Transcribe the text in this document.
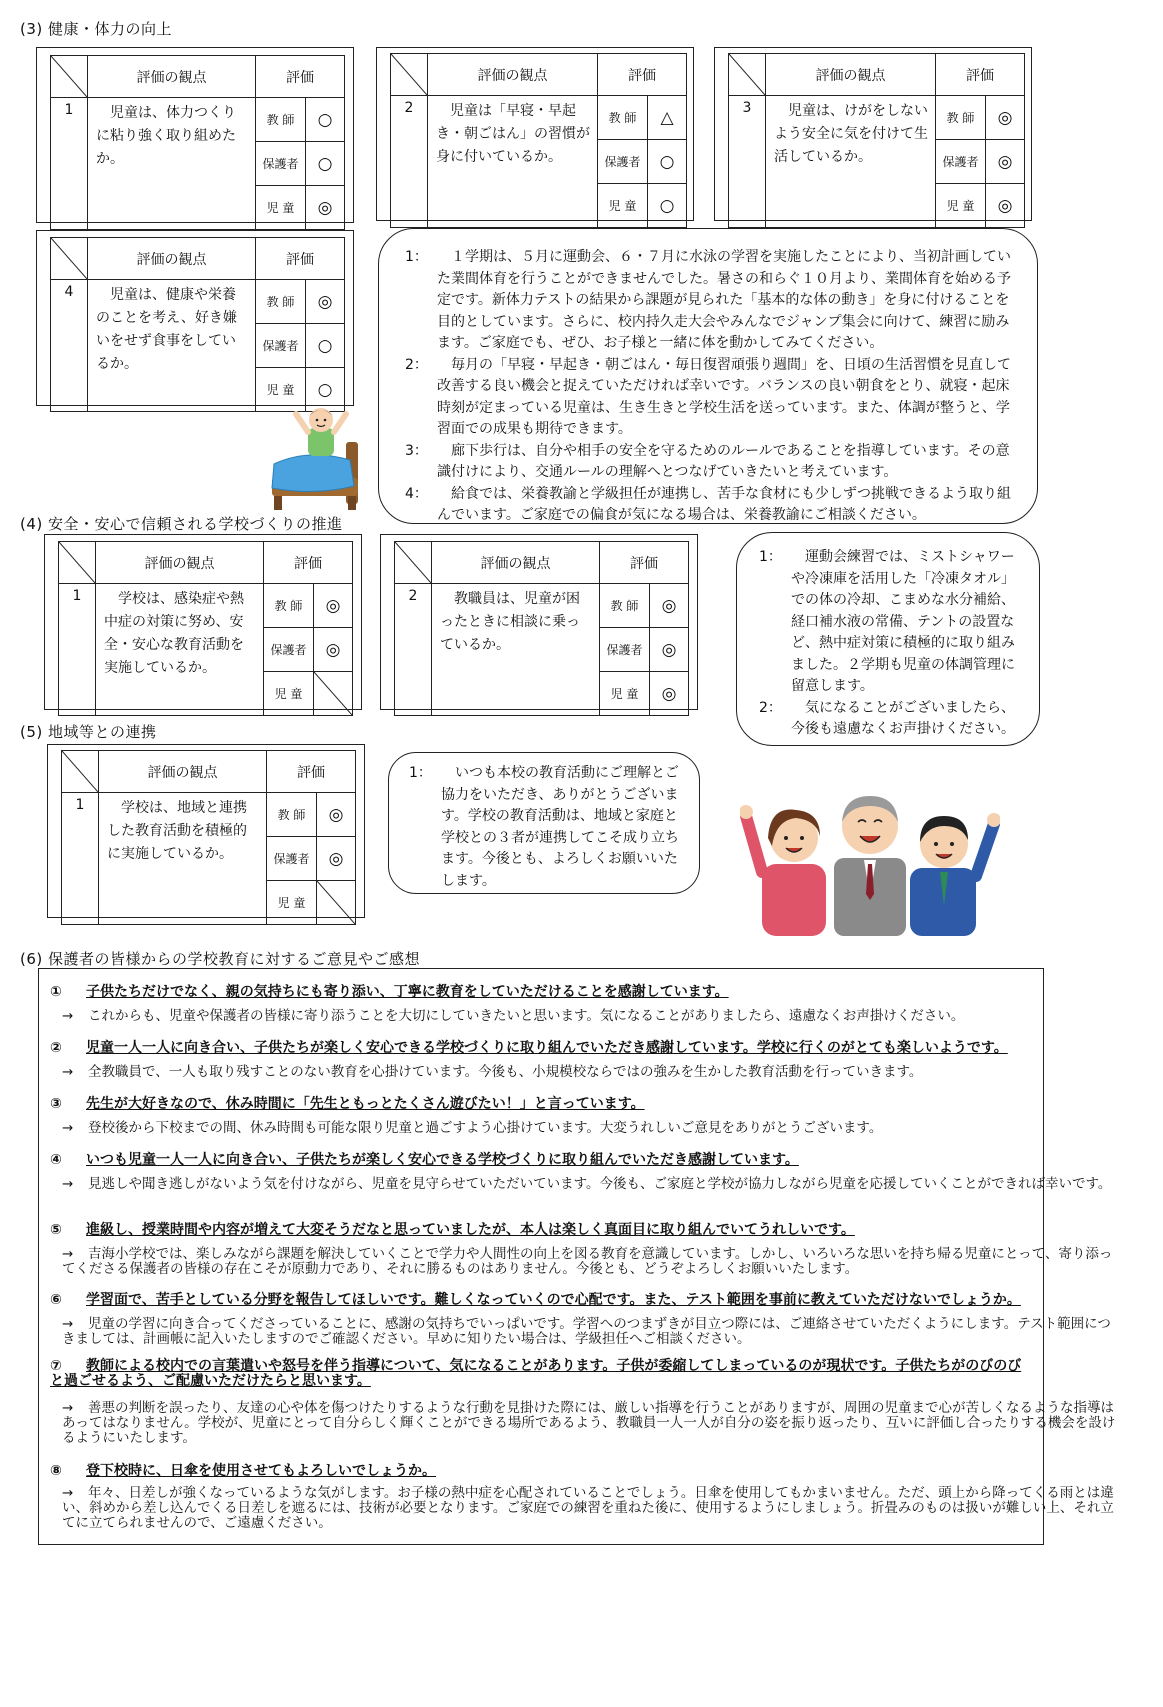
(3) 健康・体力の向上
	評価の観点	評価	
1	児童は、体力つくりに粘り強く取り組めたか。	教 師	○
		保護者	○
		児 童	◎
	評価の観点	評価	
2	児童は「早寝・早起き・朝ごはん」の習慣が身に付いているか。	教 師	△
		保護者	○
		児 童	○
	評価の観点	評価	
3	児童は、けがをしないよう安全に気を付けて生活しているか。	教 師	◎
		保護者	◎
		児 童	◎
	評価の観点	評価	
4	児童は、健康や栄養のことを考え、好き嫌いをせず食事をしているか。	教 師	◎
		保護者	○
		児 童	○
1：	１学期は、５月に運動会、６・７月に水泳の学習を実施したことにより、当初計画していた業間体育を行うことができませんでした。暑さの和らぐ１０月より、業間体育を始める予定です。新体力テストの結果から課題が見られた「基本的な体の動き」を身に付けることを目的としています。さらに、校内持久走大会やみんなでジャンプ集会に向けて、練習に励みます。ご家庭でも、ぜひ、お子様と一緒に体を動かしてみてください。
2：	毎月の「早寝・早起き・朝ごはん・毎日復習頑張り週間」を、日頃の生活習慣を見直して改善する良い機会と捉えていただければ幸いです。バランスの良い朝食をとり、就寝・起床時刻が定まっている児童は、生き生きと学校生活を送っています。また、体調が整うと、学習面での成果も期待できます。
3：	廊下歩行は、自分や相手の安全を守るためのルールであることを指導しています。その意識付けにより、交通ルールの理解へとつなげていきたいと考えています。
4：	給食では、栄養教諭と学級担任が連携し、苦手な食材にも少しずつ挑戦できるよう取り組んでいます。ご家庭での偏食が気になる場合は、栄養教諭にご相談ください。
(4) 安全・安心で信頼される学校づくりの推進
	評価の観点	評価	
1	学校は、感染症や熱中症の対策に努め、安全・安心な教育活動を実施しているか。	教 師	◎
		保護者	◎
		児 童	
	評価の観点	評価	
2	教職員は、児童が困ったときに相談に乗っているか。	教 師	◎
		保護者	◎
		児 童	◎
1：	運動会練習では、ミストシャワーや冷凍庫を活用した「冷凍タオル」での体の冷却、こまめな水分補給、経口補水液の常備、テントの設置など、熱中症対策に積極的に取り組みました。２学期も児童の体調管理に留意します。
2：	気になることがございましたら、今後も遠慮なくお声掛けください。
(5) 地域等との連携
	評価の観点	評価	
1	学校は、地域と連携した教育活動を積極的に実施しているか。	教 師	◎
		保護者	◎
		児 童	
1：	いつも本校の教育活動にご理解とご協力をいただき、ありがとうございます。学校の教育活動は、地域と家庭と学校との３者が連携してこそ成り立ちます。今後とも、よろしくお願いいたします。
(6) 保護者の皆様からの学校教育に対するご意見やご感想
① 子供たちだけでなく、親の気持ちにも寄り添い、丁寧に教育をしていただけることを感謝しています。
→ これからも、児童や保護者の皆様に寄り添うことを大切にしていきたいと思います。気になることがありましたら、遠慮なくお声掛けください。
② 児童一人一人に向き合い、子供たちが楽しく安心できる学校づくりに取り組んでいただき感謝しています。学校に行くのがとても楽しいようです。
→ 全教職員で、一人も取り残すことのない教育を心掛けています。今後も、小規模校ならではの強みを生かした教育活動を行っていきます。
③ 先生が大好きなので、休み時間に「先生ともっとたくさん遊びたい！」と言っています。
→ 登校後から下校までの間、休み時間も可能な限り児童と過ごすよう心掛けています。大変うれしいご意見をありがとうございます。
④ いつも児童一人一人に向き合い、子供たちが楽しく安心できる学校づくりに取り組んでいただき感謝しています。
→ 見逃しや聞き逃しがないよう気を付けながら、児童を見守らせていただいています。今後も、ご家庭と学校が協力しながら児童を応援していくことができれば幸いです。
⑤ 進級し、授業時間や内容が増えて大変そうだなと思っていましたが、本人は楽しく真面目に取り組んでいてうれしいです。
→ 吉海小学校では、楽しみながら課題を解決していくことで学力や人間性の向上を図る教育を意識しています。しかし、いろいろな思いを持ち帰る児童にとって、寄り添ってくださる保護者の皆様の存在こそが原動力であり、それに勝るものはありません。今後とも、どうぞよろしくお願いいたします。
⑥ 学習面で、苦手としている分野を報告してほしいです。難しくなっていくので心配です。また、テスト範囲を事前に教えていただけないでしょうか。
→ 児童の学習に向き合ってくださっていることに、感謝の気持ちでいっぱいです。学習へのつまずきが目立つ際には、ご連絡させていただくようにします。テスト範囲につきましては、計画帳に記入いたしますのでご確認ください。早めに知りたい場合は、学級担任へご相談ください。
⑦ 教師による校内での言葉遣いや怒号を伴う指導について、気になることがあります。子供が委縮してしまっているのが現状です。子供たちがのびのびと過ごせるよう、ご配慮いただけたらと思います。
→ 善悪の判断を誤ったり、友達の心や体を傷つけたりするような行動を見掛けた際には、厳しい指導を行うことがありますが、周囲の児童まで心が苦しくなるような指導はあってはなりません。学校が、児童にとって自分らしく輝くことができる場所であるよう、教職員一人一人が自分の姿を振り返ったり、互いに評価し合ったりする機会を設けるようにいたします。
⑧ 登下校時に、日傘を使用させてもよろしいでしょうか。
→ 年々、日差しが強くなっているような気がします。お子様の熱中症を心配されていることでしょう。日傘を使用してもかまいません。ただ、頭上から降ってくる雨とは違い、斜めから差し込んでくる日差しを遮るには、技術が必要となります。ご家庭での練習を重ねた後に、使用するようにしましょう。折畳みのものは扱いが難しい上、それ立てに立てられませんので、ご遠慮ください。
